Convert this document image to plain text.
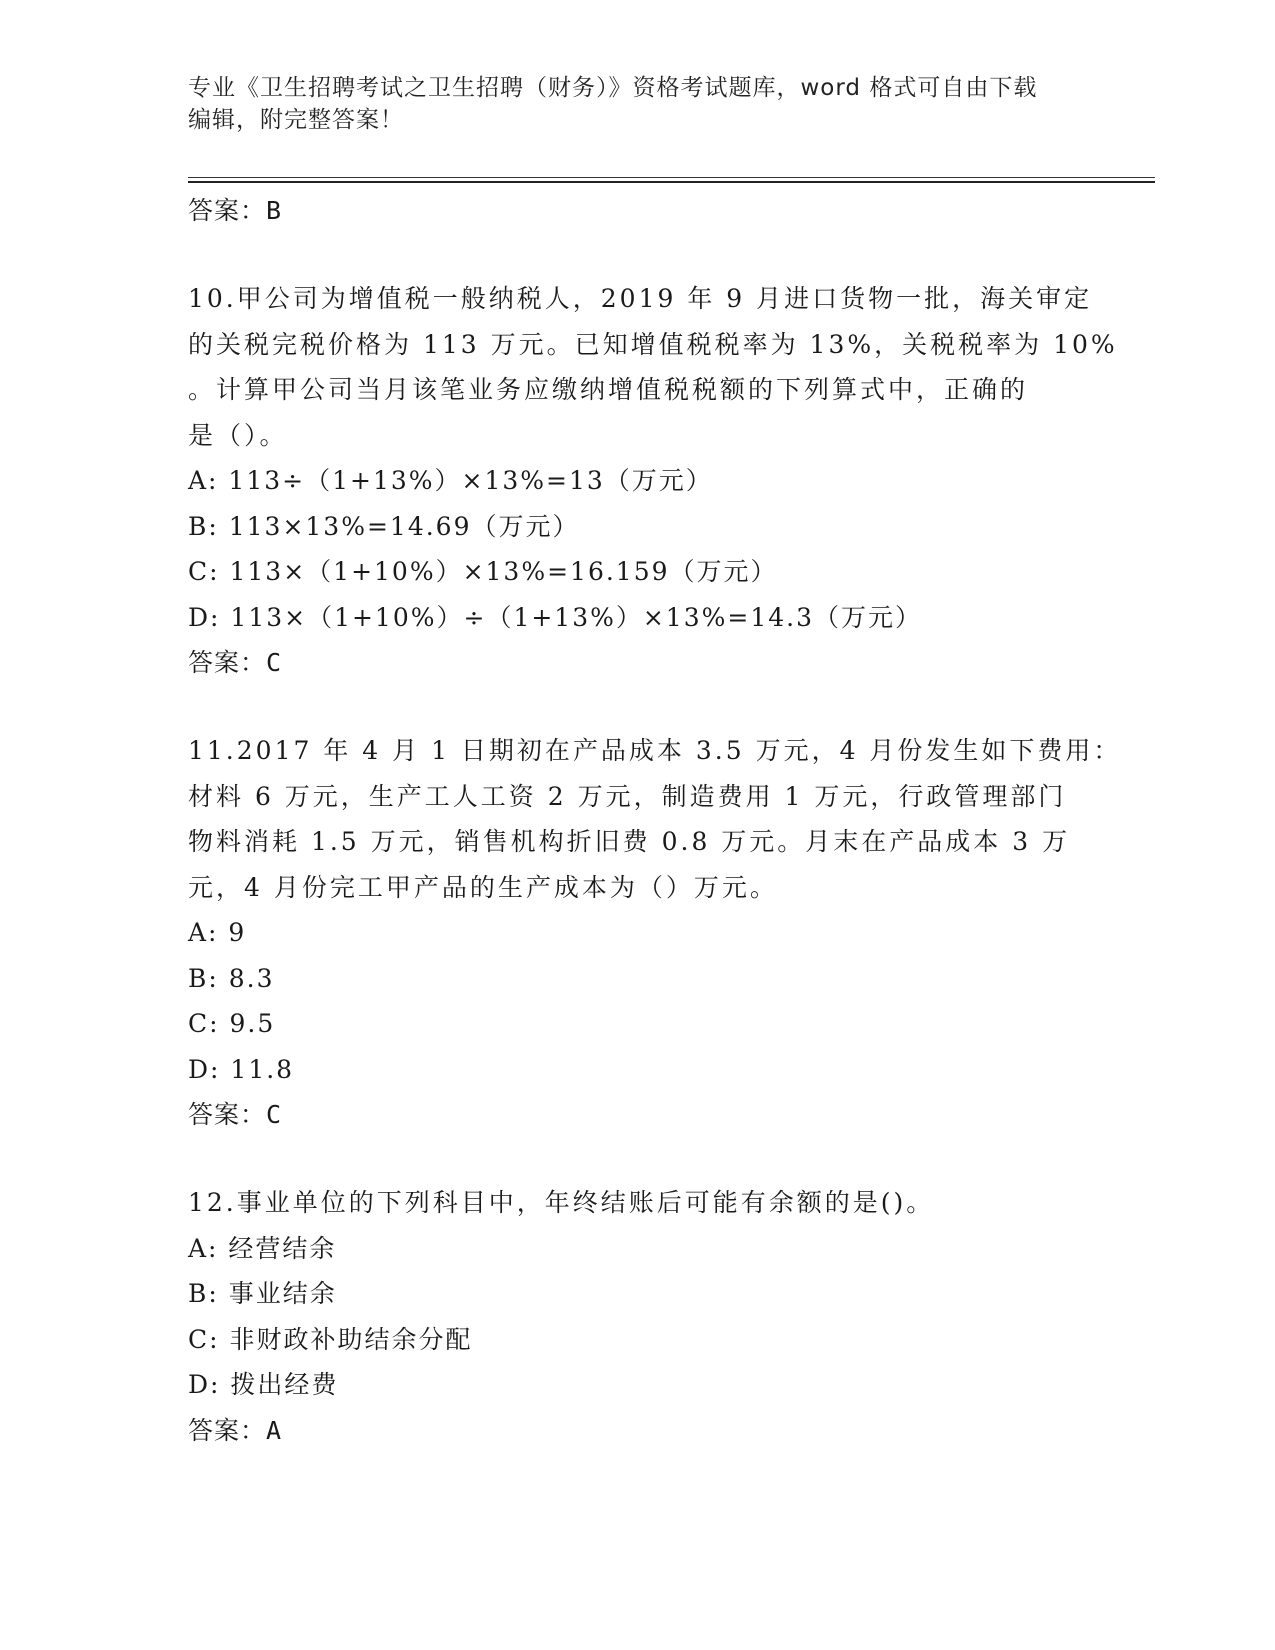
专业《卫生招聘考试之卫生招聘（财务）》资格考试题库，word 格式可自由下载
编辑，附完整答案！
答案：B
10.甲公司为增值税一般纳税人，2019 年 9 月进口货物一批，海关审定
的关税完税价格为 113 万元。已知增值税税率为 13%，关税税率为 10%
。计算甲公司当月该笔业务应缴纳增值税税额的下列算式中，正确的
是（）。
A: 113÷（1+13%）×13%=13（万元）
B: 113×13%=14.69（万元）
C: 113×（1+10%）×13%=16.159（万元）
D: 113×（1+10%）÷（1+13%）×13%=14.3（万元）
答案：C
11.2017 年 4 月 1 日期初在产品成本 3.5 万元，4 月份发生如下费用：
材料 6 万元，生产工人工资 2 万元，制造费用 1 万元，行政管理部门
物料消耗 1.5 万元，销售机构折旧费 0.8 万元。月末在产品成本 3 万
元，4 月份完工甲产品的生产成本为（）万元。
A: 9
B: 8.3
C: 9.5
D: 11.8
答案：C
12.事业单位的下列科目中，年终结账后可能有余额的是()。
A: 经营结余
B: 事业结余
C: 非财政补助结余分配
D: 拨出经费
答案：A
